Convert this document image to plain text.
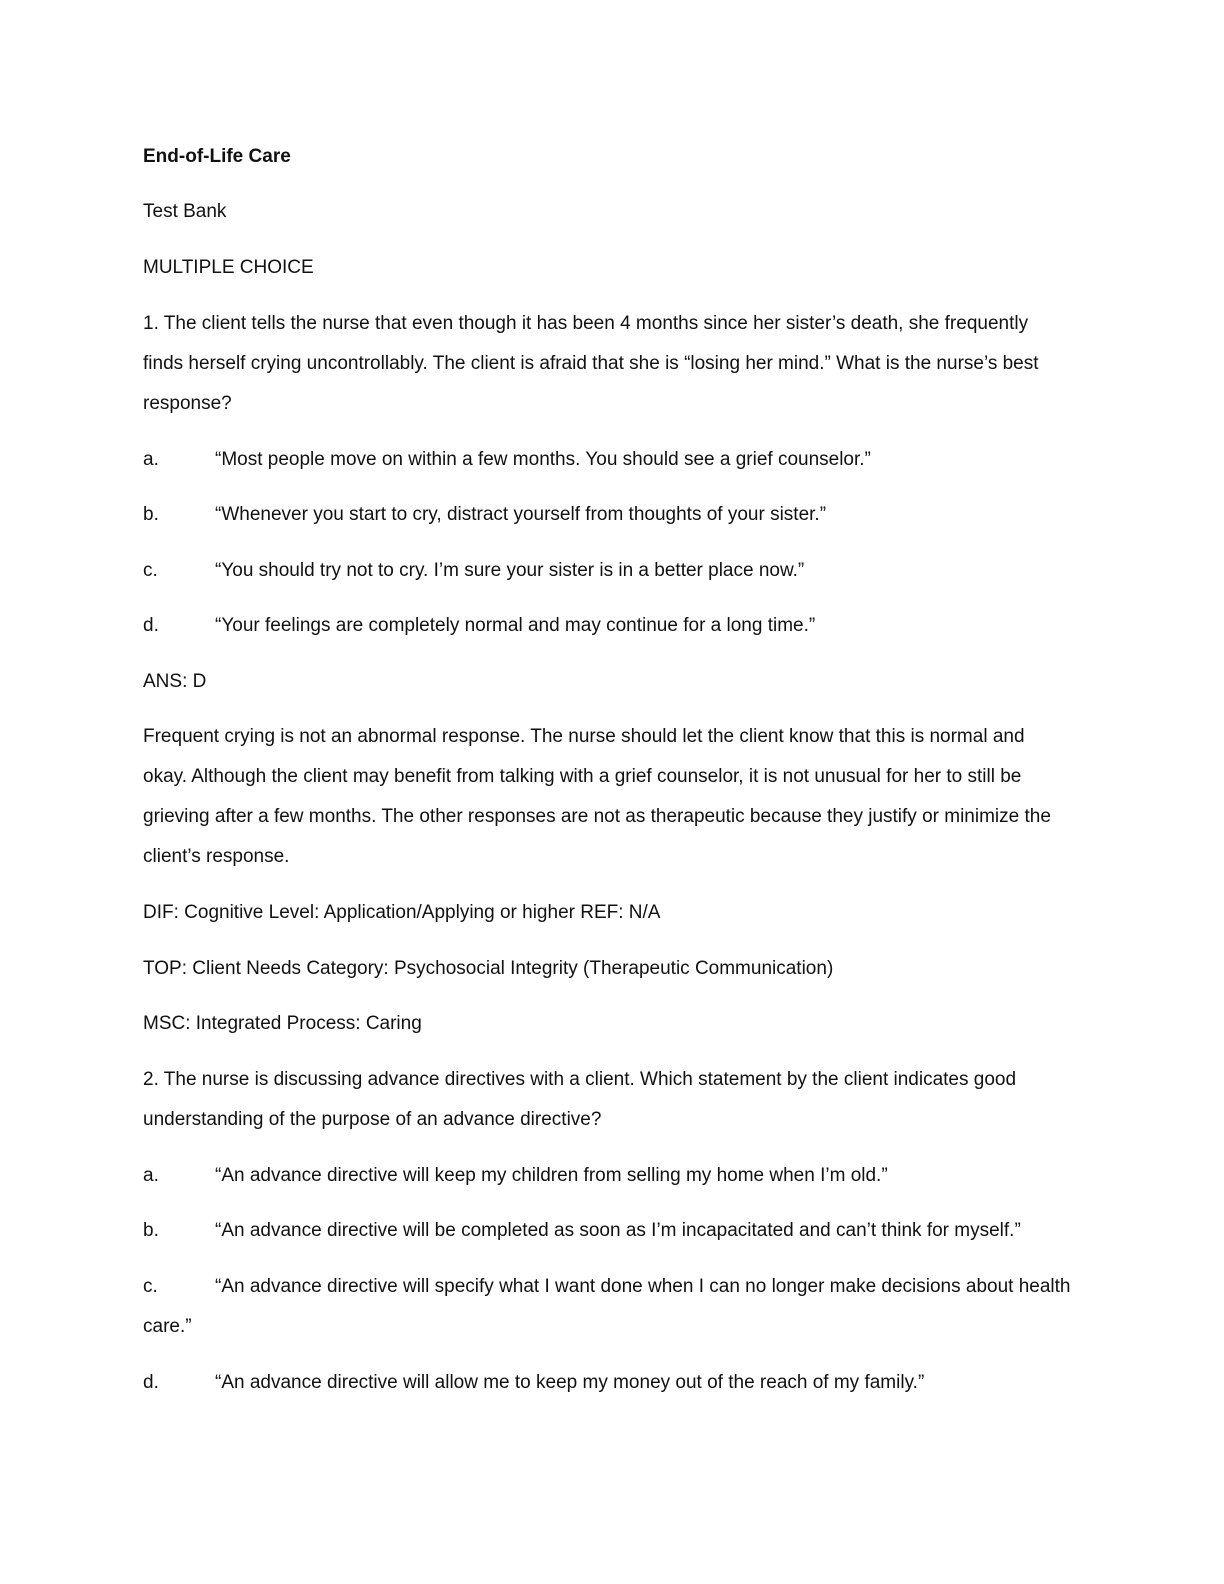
End-of-Life Care
Test Bank
MULTIPLE CHOICE
1. The client tells the nurse that even though it has been 4 months since her sister’s death, she frequently finds herself crying uncontrollably. The client is afraid that she is “losing her mind.” What is the nurse’s best response?
a.	“Most people move on within a few months. You should see a grief counselor.”
b.	“Whenever you start to cry, distract yourself from thoughts of your sister.”
c.	“You should try not to cry. I’m sure your sister is in a better place now.”
d.	“Your feelings are completely normal and may continue for a long time.”
ANS: D
Frequent crying is not an abnormal response. The nurse should let the client know that this is normal and okay. Although the client may benefit from talking with a grief counselor, it is not unusual for her to still be grieving after a few months. The other responses are not as therapeutic because they justify or minimize the client’s response.
DIF: Cognitive Level: Application/Applying or higher REF: N/A
TOP: Client Needs Category: Psychosocial Integrity (Therapeutic Communication)
MSC: Integrated Process: Caring
2. The nurse is discussing advance directives with a client. Which statement by the client indicates good understanding of the purpose of an advance directive?
a.	“An advance directive will keep my children from selling my home when I’m old.”
b.	“An advance directive will be completed as soon as I’m incapacitated and can’t think for myself.”
c.	“An advance directive will specify what I want done when I can no longer make decisions about health care.”
d.	“An advance directive will allow me to keep my money out of the reach of my family.”
